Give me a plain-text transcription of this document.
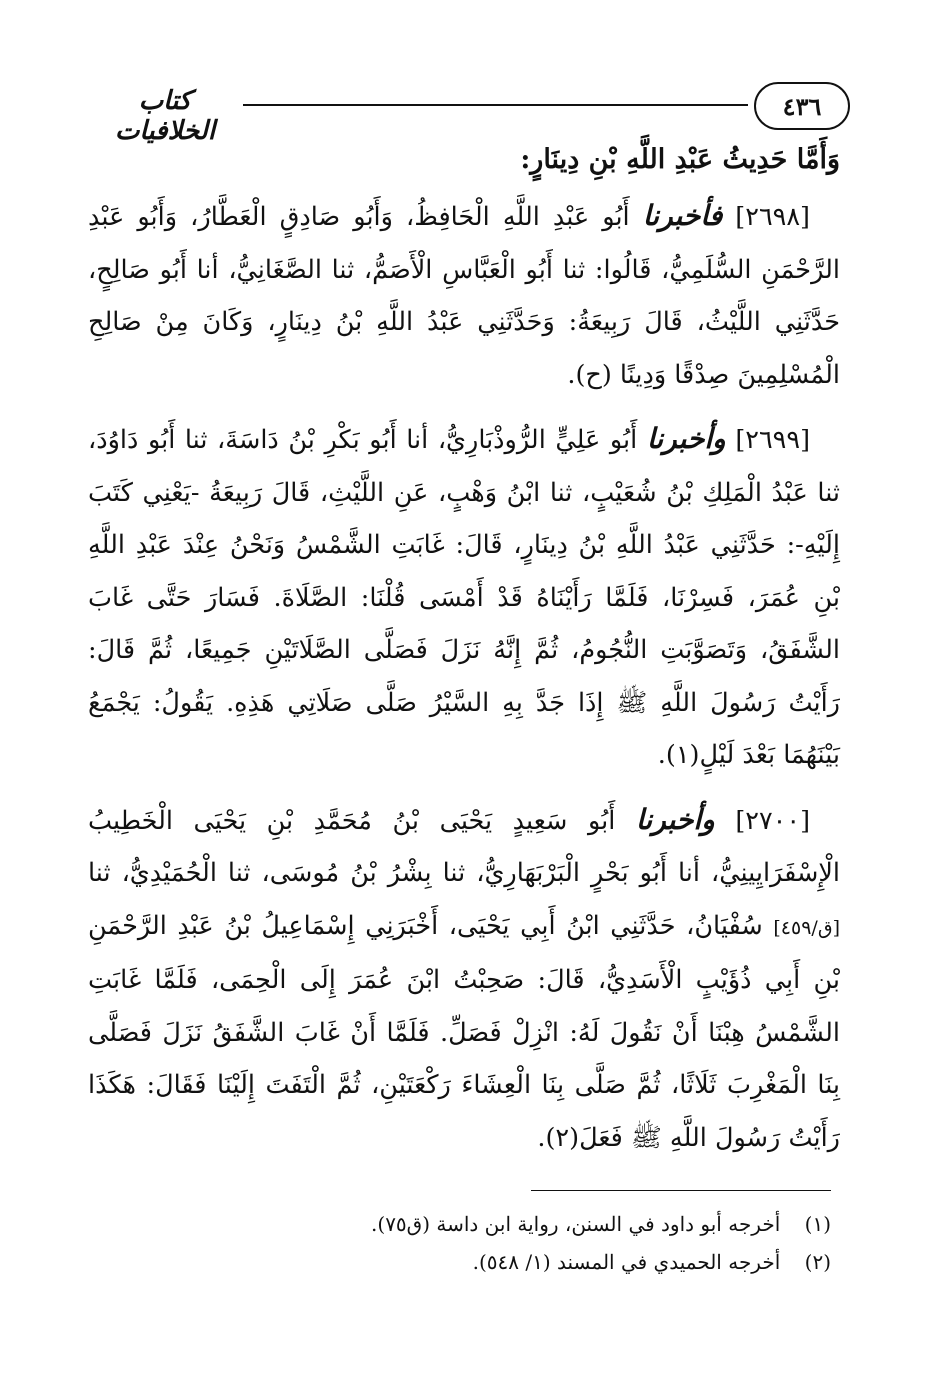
٤٣٦
كتاب الخلافيات

وَأَمَّا حَدِيثُ عَبْدِ اللَّهِ بْنِ دِينَارٍ:

[٢٦٩٨] فأخبرنا أَبُو عَبْدِ اللَّهِ الْحَافِظُ، وَأَبُو صَادِقٍ الْعَطَّارُ، وَأَبُو عَبْدِ الرَّحْمَنِ السُّلَمِيُّ، قَالُوا: ثنا أَبُو الْعَبَّاسِ الْأَصَمُّ، ثنا الصَّغَانِيُّ، أنا أَبُو صَالِحٍ، حَدَّثَنِي اللَّيْثُ، قَالَ رَبِيعَةُ: وَحَدَّثَنِي عَبْدُ اللَّهِ بْنُ دِينَارٍ، وَكَانَ مِنْ صَالِحِ الْمُسْلِمِينَ صِدْقًا وَدِينًا (ح).

[٢٦٩٩] وأخبرنا أَبُو عَلِيٍّ الرُّوذْبَارِيُّ، أنا أَبُو بَكْرِ بْنُ دَاسَةَ، ثنا أَبُو دَاوُدَ، ثنا عَبْدُ الْمَلِكِ بْنُ شُعَيْبٍ، ثنا ابْنُ وَهْبٍ، عَنِ اللَّيْثِ، قَالَ رَبِيعَةُ -يَعْنِي كَتَبَ إِلَيْهِ-: حَدَّثَنِي عَبْدُ اللَّهِ بْنُ دِينَارٍ، قَالَ: غَابَتِ الشَّمْسُ وَنَحْنُ عِنْدَ عَبْدِ اللَّهِ بْنِ عُمَرَ، فَسِرْنَا، فَلَمَّا رَأَيْنَاهُ قَدْ أَمْسَى قُلْنَا: الصَّلَاةَ. فَسَارَ حَتَّى غَابَ الشَّفَقُ، وَتَصَوَّبَتِ النُّجُومُ، ثُمَّ إِنَّهُ نَزَلَ فَصَلَّى الصَّلَاتَيْنِ جَمِيعًا، ثُمَّ قَالَ: رَأَيْتُ رَسُولَ اللَّهِ ﷺ إِذَا جَدَّ بِهِ السَّيْرُ صَلَّى صَلَاتِي هَذِهِ. يَقُولُ: يَجْمَعُ بَيْنَهُمَا بَعْدَ لَيْلٍ(١).

[٢٧٠٠] وأخبرنا أَبُو سَعِيدٍ يَحْيَى بْنُ مُحَمَّدِ بْنِ يَحْيَى الْخَطِيبُ الْإِسْفَرَايِينِيُّ، أنا أَبُو بَحْرٍ الْبَرْبَهَارِيُّ، ثنا بِشْرُ بْنُ مُوسَى، ثنا الْحُمَيْدِيُّ، ثنا [ق/٤٥٩] سُفْيَانُ، حَدَّثَنِي ابْنُ أَبِي يَحْيَى، أَخْبَرَنِي إِسْمَاعِيلُ بْنُ عَبْدِ الرَّحْمَنِ بْنِ أَبِي ذُؤَيْبٍ الْأَسَدِيُّ، قَالَ: صَحِبْتُ ابْنَ عُمَرَ إِلَى الْحِمَى، فَلَمَّا غَابَتِ الشَّمْسُ هِبْنَا أَنْ نَقُولَ لَهُ: انْزِلْ فَصَلِّ. فَلَمَّا أَنْ غَابَ الشَّفَقُ نَزَلَ فَصَلَّى بِنَا الْمَغْرِبَ ثَلَاثًا، ثُمَّ صَلَّى بِنَا الْعِشَاءَ رَكْعَتَيْنِ، ثُمَّ الْتَفَتَ إِلَيْنَا فَقَالَ: هَكَذَا رَأَيْتُ رَسُولَ اللَّهِ ﷺ فَعَلَ(٢).

(١) أخرجه أبو داود في السنن، رواية ابن داسة (ق٧٥).

(٢) أخرجه الحميدي في المسند (١/ ٥٤٨).
